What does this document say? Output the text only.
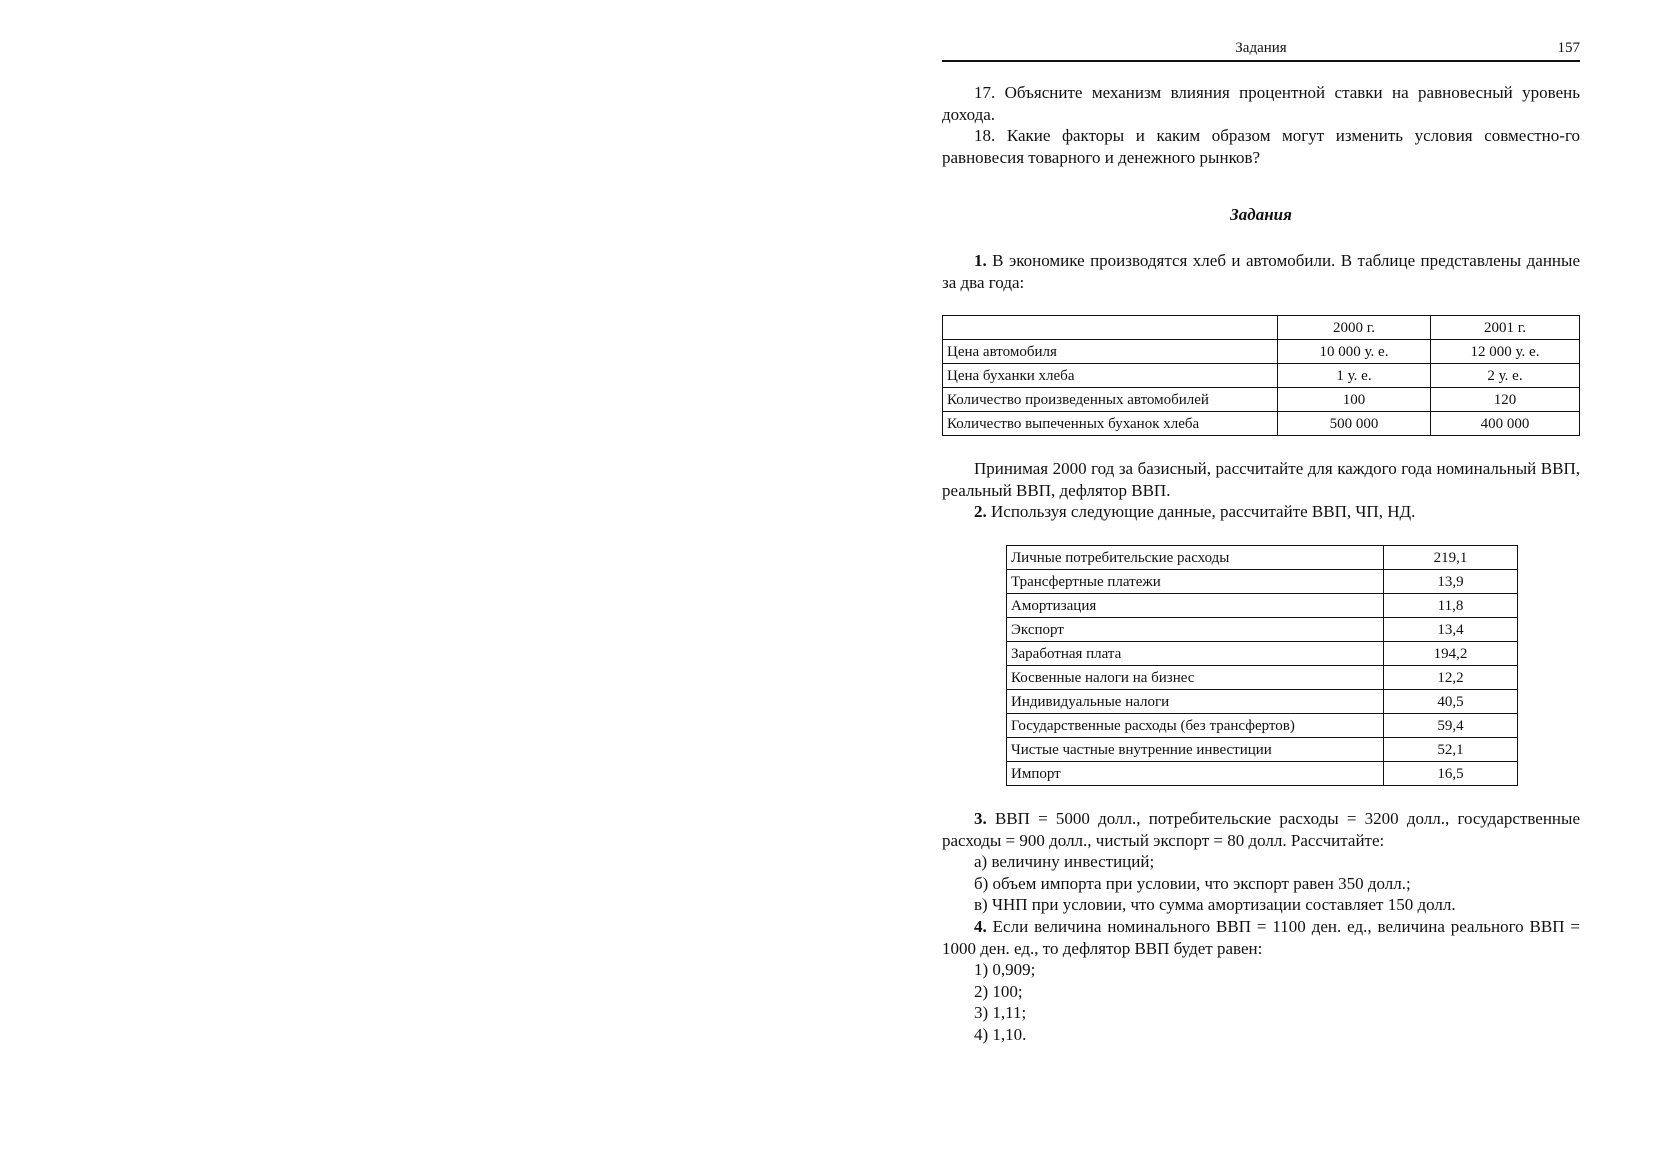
Задания	157

17. Объясните механизм влияния процентной ставки на равновесный уровень дохода.

18. Какие факторы и каким образом могут изменить условия совместно-го равновесия товарного и денежного рынков?

Задания

1. В экономике производятся хлеб и автомобили. В таблице представлены данные за два года:

	2000 г.	2001 г.
Цена автомобиля	10 000 у. е.	12 000 у. е.
Цена буханки хлеба	1 у. е.	2 у. е.
Количество произведенных автомобилей	100	120
Количество выпеченных буханок хлеба	500 000	400 000

Принимая 2000 год за базисный, рассчитайте для каждого года номинальный ВВП, реальный ВВП, дефлятор ВВП.

2. Используя следующие данные, рассчитайте ВВП, ЧП, НД.

Личные потребительские расходы	219,1
Трансфертные платежи	13,9
Амортизация	11,8
Экспорт	13,4
Заработная плата	194,2
Косвенные налоги на бизнес	12,2
Индивидуальные налоги	40,5
Государственные расходы (без трансфертов)	59,4
Чистые частные внутренние инвестиции	52,1
Импорт	16,5

3. ВВП = 5000 долл., потребительские расходы = 3200 долл., государственные расходы = 900 долл., чистый экспорт = 80 долл. Рассчитайте:

а) величину инвестиций;

б) объем импорта при условии, что экспорт равен 350 долл.;

в) ЧНП при условии, что сумма амортизации составляет 150 долл.

4. Если величина номинального ВВП = 1100 ден. ед., величина реального ВВП = 1000 ден. ед., то дефлятор ВВП будет равен:

1) 0,909;

2) 100;

3) 1,11;

4) 1,10.
